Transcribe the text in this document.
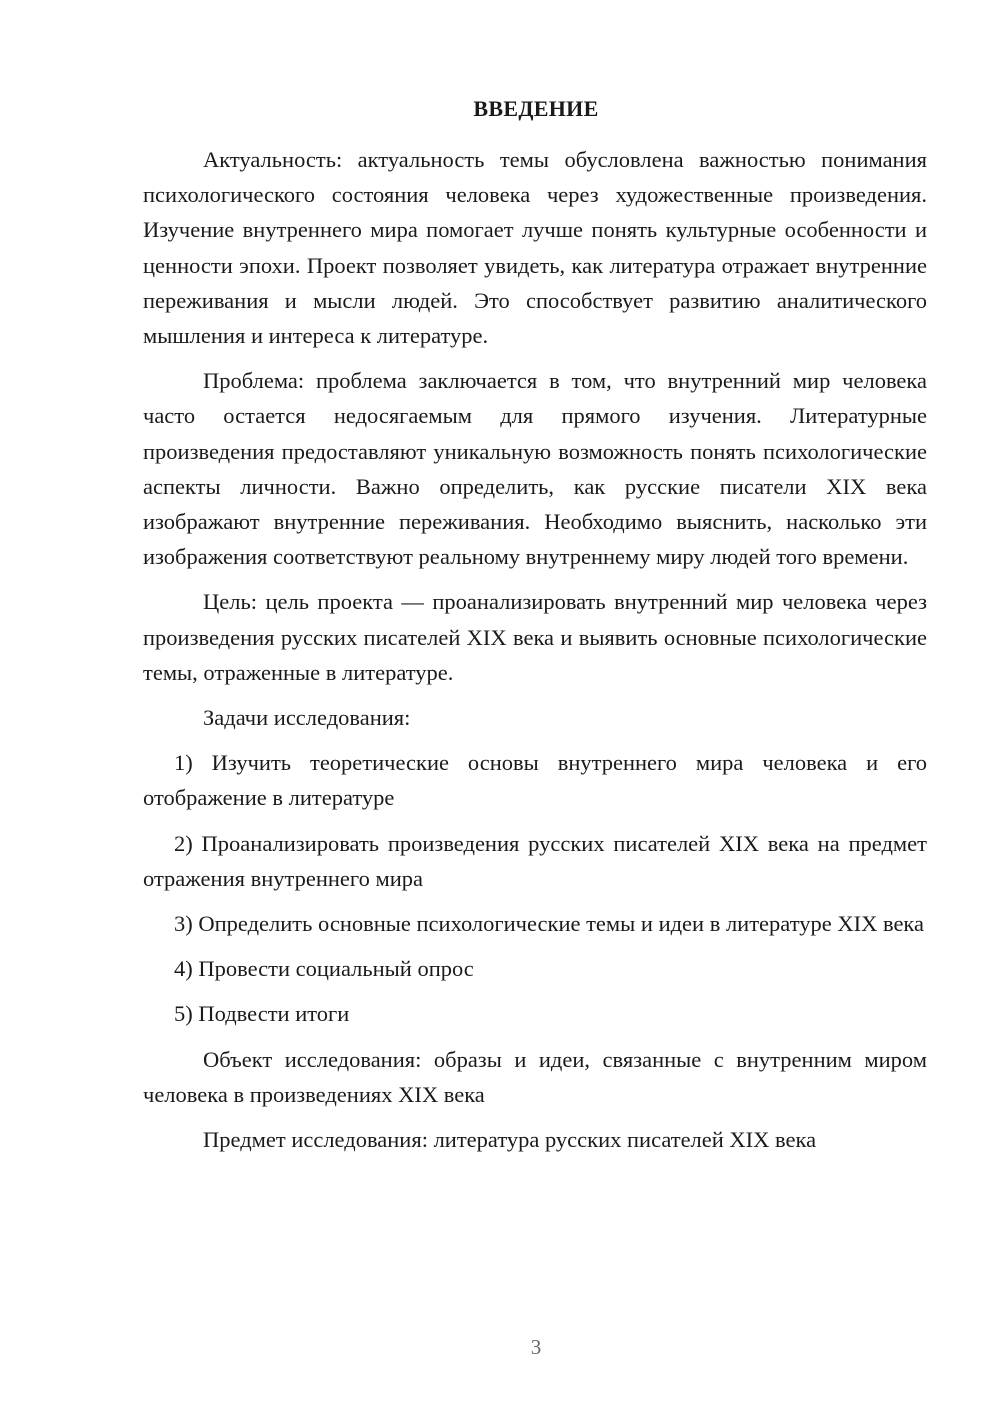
ВВЕДЕНИЕ

Актуальность: актуальность темы обусловлена важностью понимания психологического состояния человека через художественные произведения. Изучение внутреннего мира помогает лучше понять культурные особенности и ценности эпохи. Проект позволяет увидеть, как литература отражает внутренние переживания и мысли людей. Это способствует развитию аналитического мышления и интереса к литературе.

Проблема: проблема заключается в том, что внутренний мир человека часто остается недосягаемым для прямого изучения. Литературные произведения предоставляют уникальную возможность понять психологические аспекты личности. Важно определить, как русские писатели XIX века изображают внутренние переживания. Необходимо выяснить, насколько эти изображения соответствуют реальному внутреннему миру людей того времени.

Цель: цель проекта — проанализировать внутренний мир человека через произведения русских писателей XIX века и выявить основные психологические темы, отраженные в литературе.

Задачи исследования:

1) Изучить теоретические основы внутреннего мира человека и его отображение в литературе

2) Проанализировать произведения русских писателей XIX века на предмет отражения внутреннего мира

3) Определить основные психологические темы и идеи в литературе XIX века

4) Провести социальный опрос

5) Подвести итоги

Объект исследования: образы и идеи, связанные с внутренним миром человека в произведениях XIX века

Предмет исследования: литература русских писателей XIX века

3
